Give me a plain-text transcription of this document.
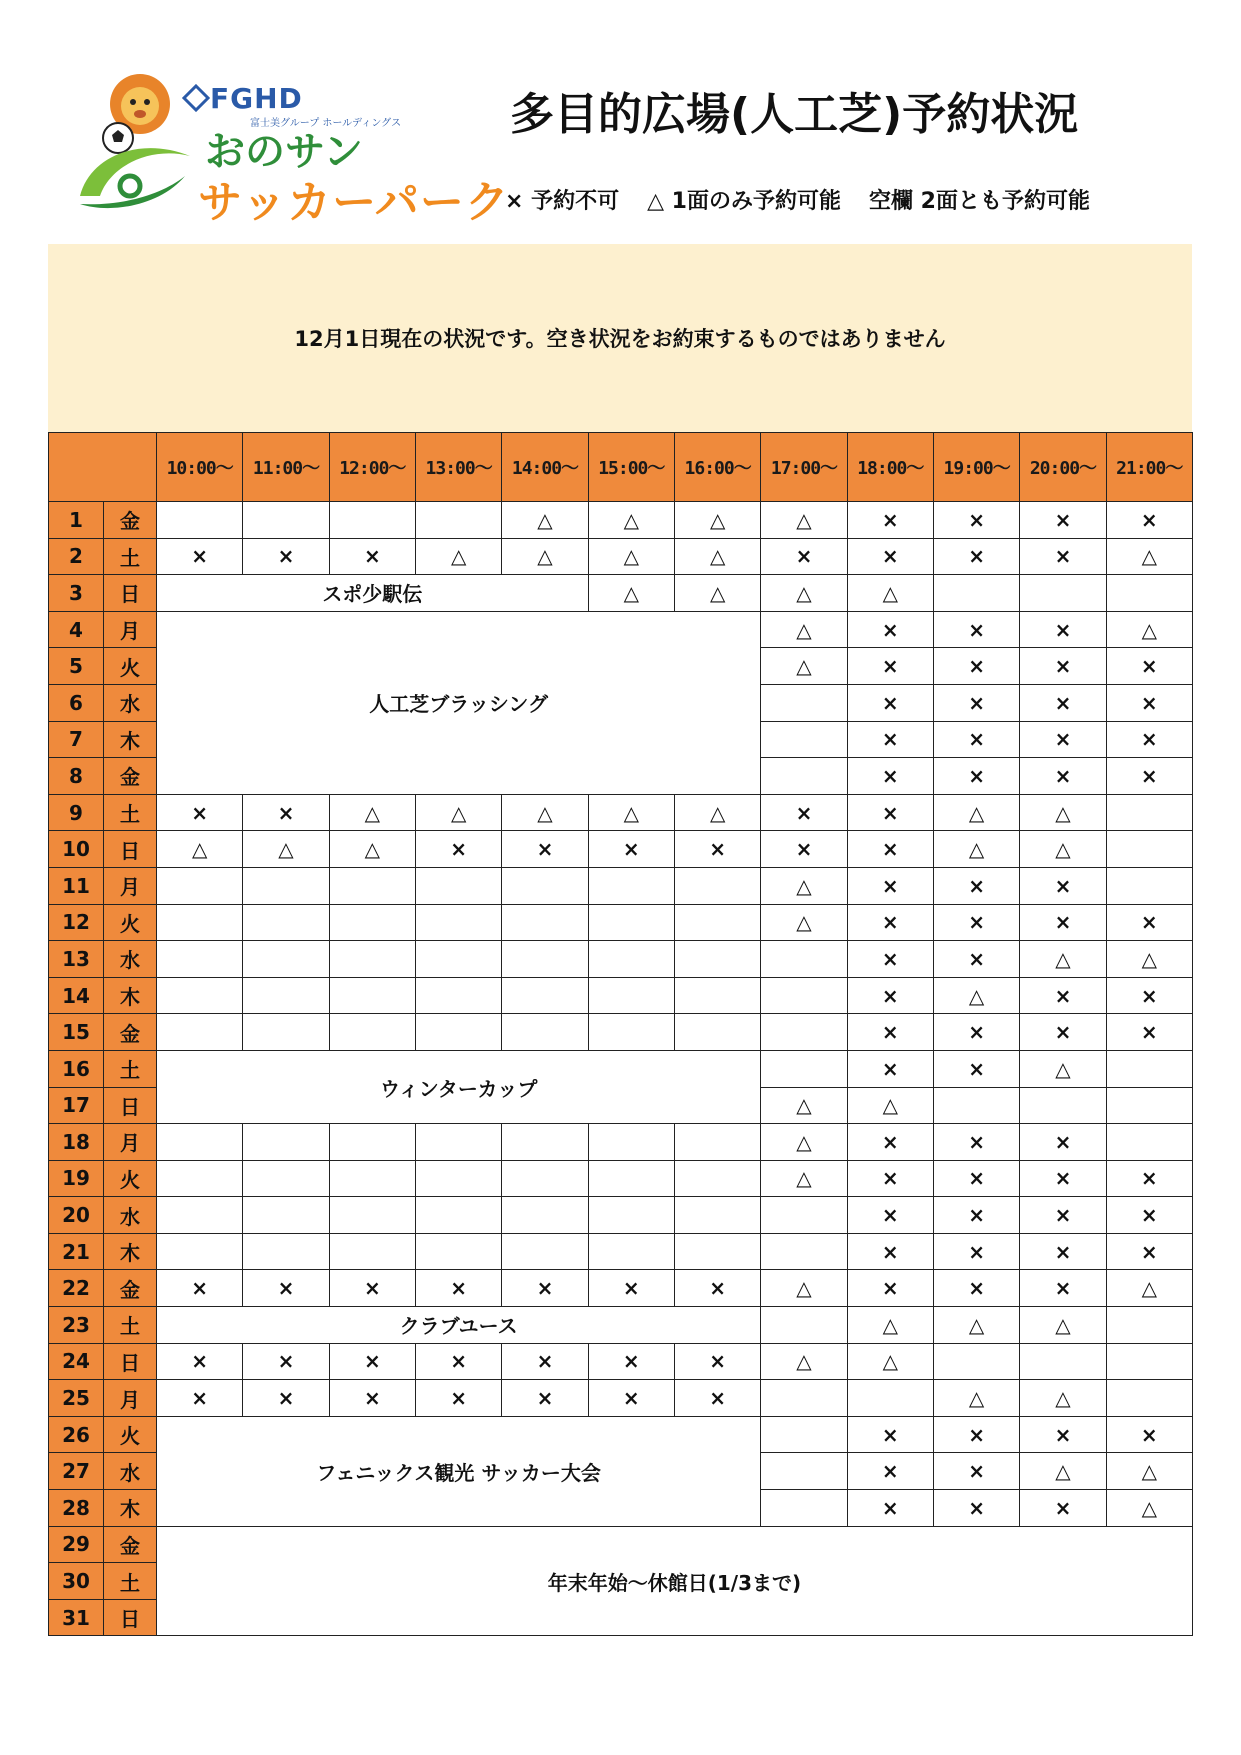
FGHD
富士美グループ ホールディングス
おのサン
サッカーパーク
多目的広場(人工芝)予約状況
× 予約不可 △ 1面のみ予約可能 空欄 2面とも予約可能
12月1日現在の状況です。空き状況をお約束するものではありません
		10:00～	11:00～	12:00～	13:00～	14:00～	15:00～	16:00～	17:00～	18:00～	19:00～	20:00～	21:00～
1	金					△	△	△	△	×	×	×	×
2	土	×	×	×	△	△	△	△	×	×	×	×	△
3	日	スポ少駅伝					△	△	△	△			
4	月	人工芝ブラッシング							△	×	×	×	△
5	火								△	×	×	×	×
6	水									×	×	×	×
7	木									×	×	×	×
8	金									×	×	×	×
9	土	×	×	△	△	△	△	△	×	×	△	△	
10	日	△	△	△	×	×	×	×	×	×	△	△	
11	月								△	×	×	×	
12	火								△	×	×	×	×
13	水									×	×	△	△
14	木									×	△	×	×
15	金									×	×	×	×
16	土	ウィンターカップ								×	×	△	
17	日								△	△			
18	月								△	×	×	×	
19	火								△	×	×	×	×
20	水									×	×	×	×
21	木									×	×	×	×
22	金	×	×	×	×	×	×	×	△	×	×	×	△
23	土	クラブユース								△	△	△	
24	日	×	×	×	×	×	×	×	△	△			
25	月	×	×	×	×	×	×	×			△	△	
26	火	フェニックス観光 サッカー大会								×	×	×	×
27	水									×	×	△	△
28	木									×	×	×	△
29	金	年末年始～休館日(1/3まで)											
30	土												
31	日												
